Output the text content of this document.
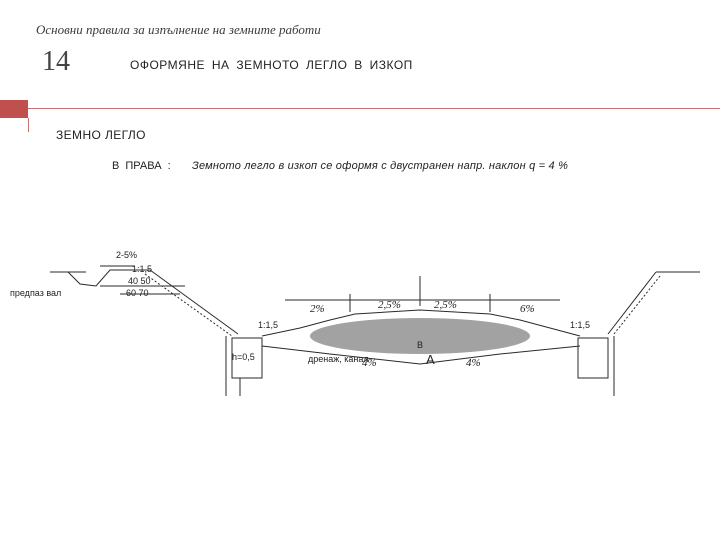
Основни правила за изпълнение на земните работи
14	ОФОРМЯНЕ НА ЗЕМНОТО ЛЕГЛО В ИЗКОП
ЗЕМНО ЛЕГЛО
В ПРАВА : Земното легло в изкоп се оформя с двустранен напр. наклон q = 4 %
предпаз вал
2-5%
1:1,5
40 50
60 70
1:1,5	1:1,5
дренаж, канал
h=0,5
2%	2,5%	2,5%	6%
4%	4%
A
B
